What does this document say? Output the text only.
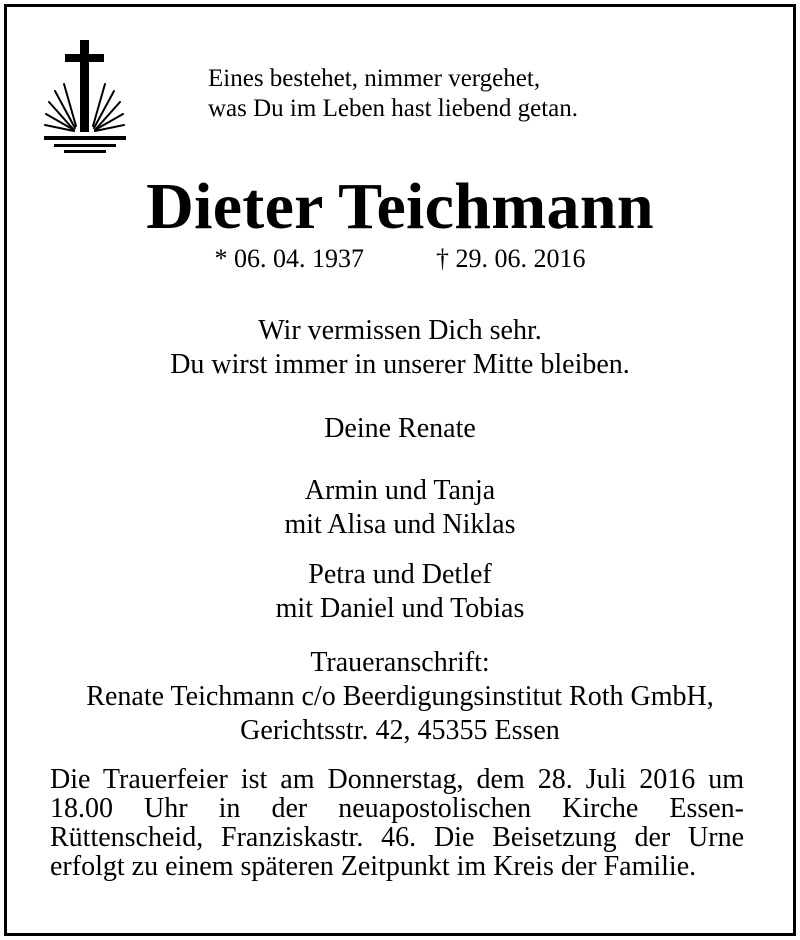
Eines bestehet, nimmer vergehet,
was Du im Leben hast liebend getan.
Dieter Teichmann
* 06. 04. 1937	† 29. 06. 2016
Wir vermissen Dich sehr.
Du wirst immer in unserer Mitte bleiben.
Deine Renate
Armin und Tanja
mit Alisa und Niklas
Petra und Detlef
mit Daniel und Tobias
Traueranschrift:
Renate Teichmann c/o Beerdigungsinstitut Roth GmbH,
Gerichtsstr. 42, 45355 Essen
Die Trauerfeier ist am Donnerstag, dem 28. Juli 2016 um 18.00 Uhr in der neuapostolischen Kirche Essen-Rüttenscheid, Franziskastr. 46. Die Beisetzung der Urne erfolgt zu einem späteren Zeitpunkt im Kreis der Familie.
